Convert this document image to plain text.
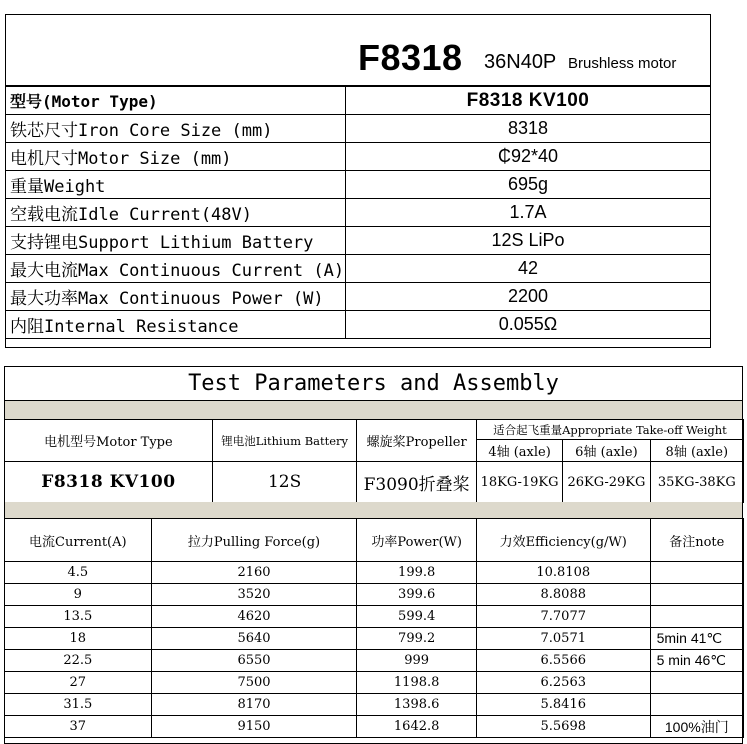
F8318 36N40P Brushless motor
型号(Motor Type)	F8318 KV100
铁芯尺寸Iron Core Size (mm)	8318
电机尺寸Motor Size (mm)	₵92*40
重量Weight	695g
空载电流Idle Current(48V)	1.7A
支持锂电Support Lithium Battery	12S LiPo
最大电流Max Continuous Current (A)	42
最大功率Max Continuous Power (W)	2200
内阻Internal Resistance	0.055Ω
Test Parameters and Assembly
电机型号Motor Type	锂电池Lithium Battery	螺旋桨Propeller	适合起飞重量Appropriate Take-off Weight		
			4轴 (axle)	6轴 (axle)	8轴 (axle)
F8318 KV100	12S	F3090折叠桨	18KG-19KG	26KG-29KG	35KG-38KG
电流Current(A)	拉力Pulling Force(g)	功率Power(W)	力效Efficiency(g/W)	备注note
4.5	2160	199.8	10.8108	
9	3520	399.6	8.8088	
13.5	4620	599.4	7.7077	
18	5640	799.2	7.0571	5min 41℃
22.5	6550	999	6.5566	5 min 46℃
27	7500	1198.8	6.2563	
31.5	8170	1398.6	5.8416	
37	9150	1642.8	5.5698	100%油门
